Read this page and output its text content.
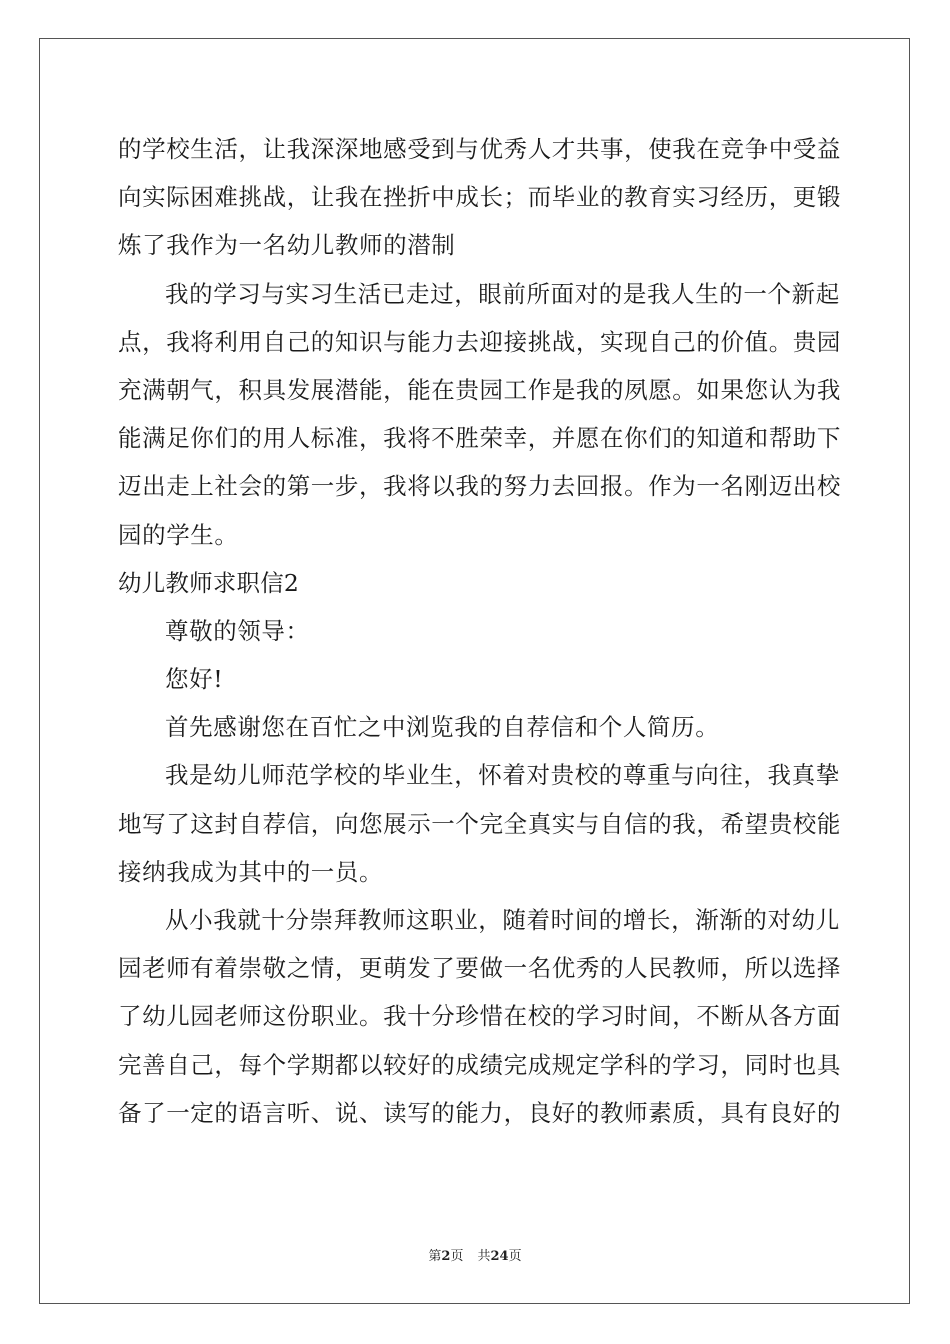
的学校生活，让我深深地感受到与优秀人才共事，使我在竞争中受益
向实际困难挑战，让我在挫折中成长；而毕业的教育实习经历，更锻
炼了我作为一名幼儿教师的潜制
我的学习与实习生活已走过，眼前所面对的是我人生的一个新起
点，我将利用自己的知识与能力去迎接挑战，实现自己的价值。贵园
充满朝气，积具发展潜能，能在贵园工作是我的夙愿。如果您认为我
能满足你们的用人标准，我将不胜荣幸，并愿在你们的知道和帮助下
迈出走上社会的第一步，我将以我的努力去回报。作为一名刚迈出校
园的学生。
幼儿教师求职信2
尊敬的领导：
您好!
首先感谢您在百忙之中浏览我的自荐信和个人简历。
我是幼儿师范学校的毕业生，怀着对贵校的尊重与向往，我真挚
地写了这封自荐信，向您展示一个完全真实与自信的我，希望贵校能
接纳我成为其中的一员。
从小我就十分崇拜教师这职业，随着时间的增长，渐渐的对幼儿
园老师有着崇敬之情，更萌发了要做一名优秀的人民教师，所以选择
了幼儿园老师这份职业。我十分珍惜在校的学习时间，不断从各方面
完善自己，每个学期都以较好的成绩完成规定学科的学习，同时也具
备了一定的语言听、说、读写的能力，良好的教师素质，具有良好的
第2页 共24页
